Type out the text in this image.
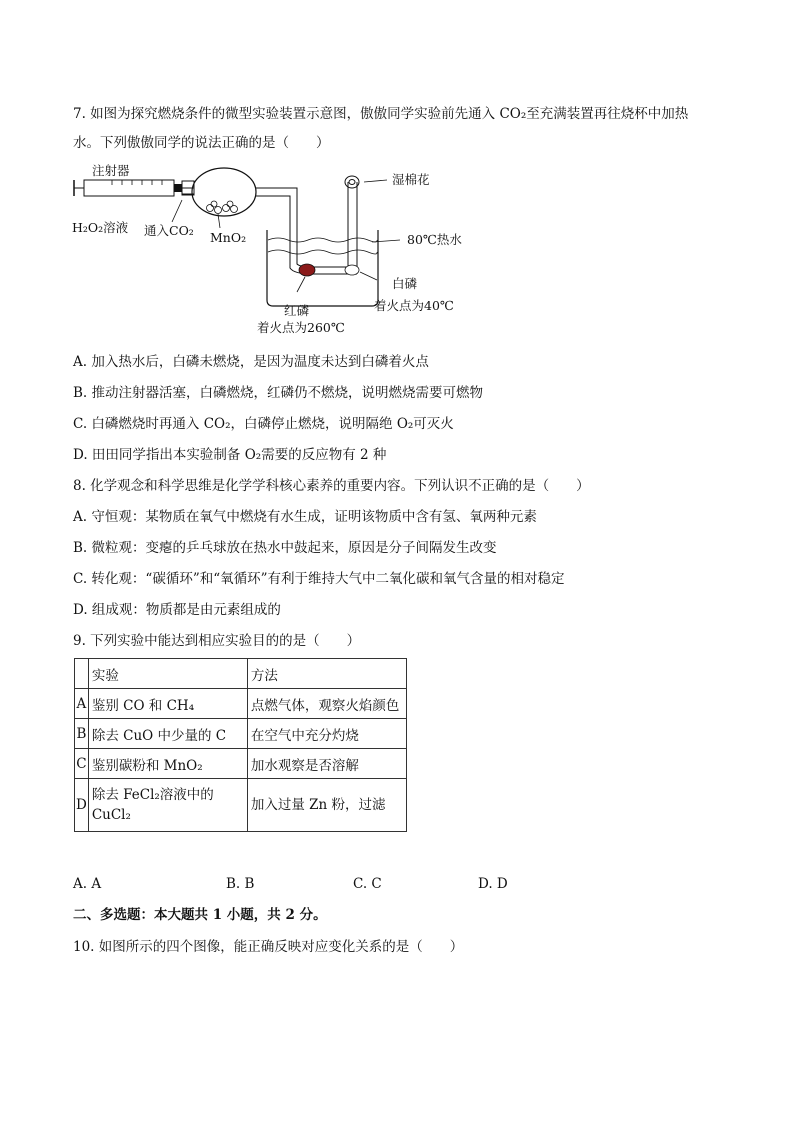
7. 如图为探究燃烧条件的微型实验装置示意图，傲傲同学实验前先通入 CO₂至充满装置再往烧杯中加热
水。下列傲傲同学的说法正确的是（　　）
注射器
H₂O₂溶液 通入CO₂ MnO₂
湿棉花
80℃热水
白磷
着火点为40℃
红磷
着火点为260℃
A. 加入热水后，白磷未燃烧，是因为温度未达到白磷着火点
B. 推动注射器活塞，白磷燃烧，红磷仍不燃烧，说明燃烧需要可燃物
C. 白磷燃烧时再通入 CO₂，白磷停止燃烧，说明隔绝 O₂可灭火
D. 田田同学指出本实验制备 O₂需要的反应物有 2 种
8. 化学观念和科学思维是化学学科核心素养的重要内容。下列认识不正确的是（　　）
A. 守恒观：某物质在氧气中燃烧有水生成，证明该物质中含有氢、氧两种元素
B. 微粒观：变瘪的乒乓球放在热水中鼓起来，原因是分子间隔发生改变
C. 转化观：“碳循环”和“氧循环”有利于维持大气中二氧化碳和氧气含量的相对稳定
D. 组成观：物质都是由元素组成的
9. 下列实验中能达到相应实验目的的是（　　）
	实验	方法
A	鉴别 CO 和 CH₄	点燃气体，观察火焰颜色
B	除去 CuO 中少量的 C	在空气中充分灼烧
C	鉴别碳粉和 MnO₂	加水观察是否溶解
D	除去 FeCl₂溶液中的 CuCl₂	加入过量 Zn 粉，过滤
A. A	B. B	C. C	D. D
二、多选题：本大题共 1 小题，共 2 分。
10. 如图所示的四个图像，能正确反映对应变化关系的是（　　）
